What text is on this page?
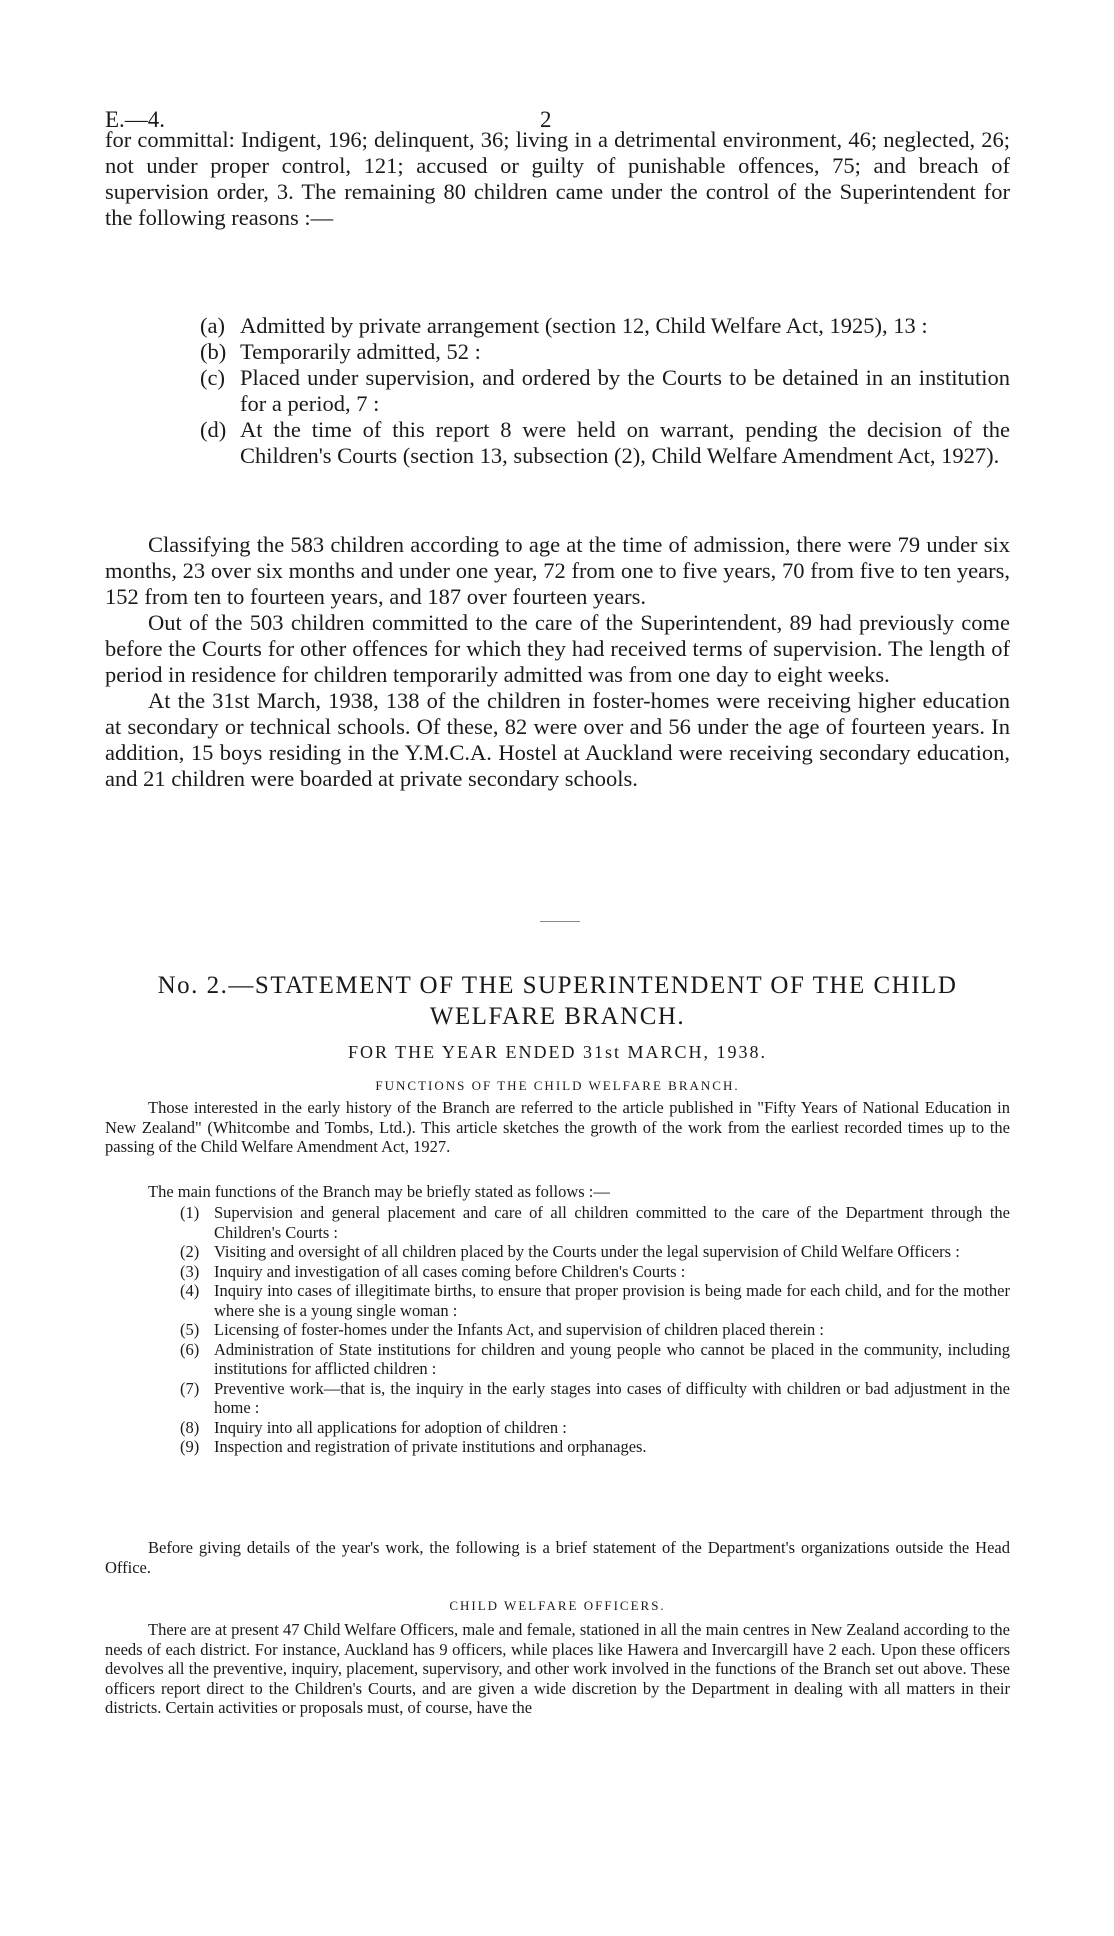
E.—4.	2

for committal: Indigent, 196; delinquent, 36; living in a detrimental environment, 46; neglected, 26; not under proper control, 121; accused or guilty of punishable offences, 75; and breach of supervision order, 3. The remaining 80 children came under the control of the Superintendent for the following reasons :—

(a) Admitted by private arrangement (section 12, Child Welfare Act, 1925), 13 :
(b) Temporarily admitted, 52 :
(c) Placed under supervision, and ordered by the Courts to be detained in an institution for a period, 7 :
(d) At the time of this report 8 were held on warrant, pending the decision of the Children's Courts (section 13, subsection (2), Child Welfare Amendment Act, 1927).

Classifying the 583 children according to age at the time of admission, there were 79 under six months, 23 over six months and under one year, 72 from one to five years, 70 from five to ten years, 152 from ten to fourteen years, and 187 over fourteen years.

Out of the 503 children committed to the care of the Superintendent, 89 had previously come before the Courts for other offences for which they had received terms of supervision. The length of period in residence for children temporarily admitted was from one day to eight weeks.

At the 31st March, 1938, 138 of the children in foster-homes were receiving higher education at secondary or technical schools. Of these, 82 were over and 56 under the age of fourteen years. In addition, 15 boys residing in the Y.M.C.A. Hostel at Auckland were receiving secondary education, and 21 children were boarded at private secondary schools.

No. 2.—STATEMENT OF THE SUPERINTENDENT OF THE CHILD WELFARE BRANCH.
FOR THE YEAR ENDED 31st MARCH, 1938.
FUNCTIONS OF THE CHILD WELFARE BRANCH.

Those interested in the early history of the Branch are referred to the article published in "Fifty Years of National Education in New Zealand" (Whitcombe and Tombs, Ltd.). This article sketches the growth of the work from the earliest recorded times up to the passing of the Child Welfare Amendment Act, 1927.

The main functions of the Branch may be briefly stated as follows :—

(1) Supervision and general placement and care of all children committed to the care of the Department through the Children's Courts :
(2) Visiting and oversight of all children placed by the Courts under the legal supervision of Child Welfare Officers :
(3) Inquiry and investigation of all cases coming before Children's Courts :
(4) Inquiry into cases of illegitimate births, to ensure that proper provision is being made for each child, and for the mother where she is a young single woman :
(5) Licensing of foster-homes under the Infants Act, and supervision of children placed therein :
(6) Administration of State institutions for children and young people who cannot be placed in the community, including institutions for afflicted children :
(7) Preventive work—that is, the inquiry in the early stages into cases of difficulty with children or bad adjustment in the home :
(8) Inquiry into all applications for adoption of children :
(9) Inspection and registration of private institutions and orphanages.

Before giving details of the year's work, the following is a brief statement of the Department's organizations outside the Head Office.

CHILD WELFARE OFFICERS.

There are at present 47 Child Welfare Officers, male and female, stationed in all the main centres in New Zealand according to the needs of each district. For instance, Auckland has 9 officers, while places like Hawera and Invercargill have 2 each. Upon these officers devolves all the preventive, inquiry, placement, supervisory, and other work involved in the functions of the Branch set out above. These officers report direct to the Children's Courts, and are given a wide discretion by the Department in dealing with all matters in their districts. Certain activities or proposals must, of course, have the
